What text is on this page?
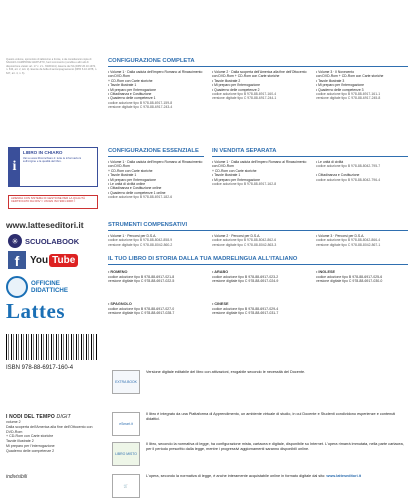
Questo volume, sprovvisto di talloncino a fronte, è da considerarsi copia di SAGGIO-CAMPIONE GRATUITO, fuori commercio (vendita e altri atti di disposizione vietati: art. 17 c. 2 L. 633/1941). Esente da IVA (DPR 26.10.1972, n. 633, art. 2, lett. d). Esente da bolla di accompagnamento (DPR 6.10.1978, n. 627, art. 4, n. 6).
i
LIBRO IN CHIARO
Vai su www.libroinchiaro.it: tutte le informazioni sull'origine e la qualità del libro.
AZIENDA CON SISTEMA DI GESTIONE PER LA QUALITÀ CERTIFICATO DA DNV = UNI EN ISO 9001:2008 =
www.latteseditori.it
✳ SCUOLABOOK
f	You Tube
OFFICINE
DIDATTICHE
Lattes
ISBN 978-88-6917-160-4
I NODI DEL TEMPO DIGIT
volume 2
Dalla scoperta dell'America alla fine dell'Ottocento con DVD-Rom
+ CD-Rom con Carte storiche
Tavole illustrate 2
Mi preparo per l'interrogazione
Quaderno delle competenze 2
indivisibili
CONFIGURAZIONE COMPLETA
• Volume 1 · Dalla caduta dell'Impero Romano al Rinascimento con DVD-Rom
+ CD-Rom con Carte storiche
• Tavole illustrate 1
• Mi preparo per l'interrogazione
• Cittadinanza e Costituzione
• Quaderno delle competenze 1
codice adozione tipo B 978-88-6917-159-8
versione digitale tipo C 978-88-6917-243-4
• Volume 2 · Dalla scoperta dell'America alla fine dell'Ottocento
con DVD-Rom + CD-Rom con Carte storiche
• Tavole illustrate 2
• Mi preparo per l'interrogazione
• Quaderno delle competenze 2
codice adozione tipo B 978-88-6917-160-4
versione digitale tipo C 978-88-6917-244-1
• Volume 3 · Il Novecento
con DVD-Rom + CD-Rom con Carte storiche
• Tavole illustrate 3
• Mi preparo per l'interrogazione
• Quaderno delle competenze 3
codice adozione tipo B 978-88-6917-161-1
versione digitale tipo C 978-88-6917-245-8
CONFIGURAZIONE ESSENZIALE
• Volume 1 · Dalla caduta dell'Impero Romano al Rinascimento con DVD-Rom
+ CD-Rom con Carte storiche
• Tavole illustrate 1
• Mi preparo per l'interrogazione
• Le unità di civiltà online
• Cittadinanza e Costituzione online
• Quaderno delle competenze 1 online
codice adozione tipo B 978-88-6917-182-6
IN VENDITA SEPARATA
• Volume 1 · Dalla caduta dell'Impero Romano al Rinascimento con DVD-Rom
+ CD-Rom con Carte storiche
• Tavole illustrate 1
• Mi preparo per l'interrogazione
codice adozione tipo B 978-88-6917-162-8
• Le unità di civiltà
codice adozione tipo B 978-88-8042-795-7
• Cittadinanza e Costituzione
codice adozione tipo B 978-88-8042-796-4
STRUMENTI COMPENSATIVI
• Volume 1 · Percorsi per D.S.A.
codice adozione tipo B 978-88-8042-858-9
versione digitale tipo C 978-88-8042-860-2
• Volume 2 · Percorsi per D.S.A.
codice adozione tipo B 978-88-8042-862-6
versione digitale tipo C 978-88-8042-863-3
• Volume 3 · Percorsi per D.S.A.
codice adozione tipo B 978-88-8042-866-4
versione digitale tipo C 978-88-8042-867-1
IL TUO LIBRO DI STORIA DALLA TUA MADRELINGUA ALL'ITALIANO
• ROMENO
codice adozione tipo B 978-88-6917-021-8
versione digitale tipo C 978-88-6917-022-5
• ARABO
codice adozione tipo B 978-88-6917-023-2
versione digitale tipo C 978-88-6917-024-9
• INGLESE
codice adozione tipo B 978-88-6917-025-6
versione digitale tipo C 978-88-6917-030-0
• SPAGNOLO
codice adozione tipo B 978-88-6917-027-0
versione digitale tipo C 978-88-6917-028-7
• CINESE
codice adozione tipo B 978-88-6917-029-4
versione digitale tipo C 978-88-6917-031-7
EXTRA BOOK
Versione digitale editabile del libro con attivazioni, erogabile secondo le necessità del Docente.
eSmart.it
Il libro è integrato da una Piattaforma di Apprendimento, un ambiente virtuale di studio, in cui Docente e Studenti condividono esperienze e contenuti didattici.
LIBRO MISTO
Il libro, secondo la normativa di legge, ha configurazione mista, cartacea e digitale, disponibile su Internet. L'opera rimarrà immutata, nella parte cartacea, per il periodo prescritto dalla legge, mentre i progressivi aggiornamenti saranno disponibili online.
🛒
L'opera, secondo la normativa di legge, è anche interamente acquistabile online in formato digitale dal sito: www.latteseditori.it
